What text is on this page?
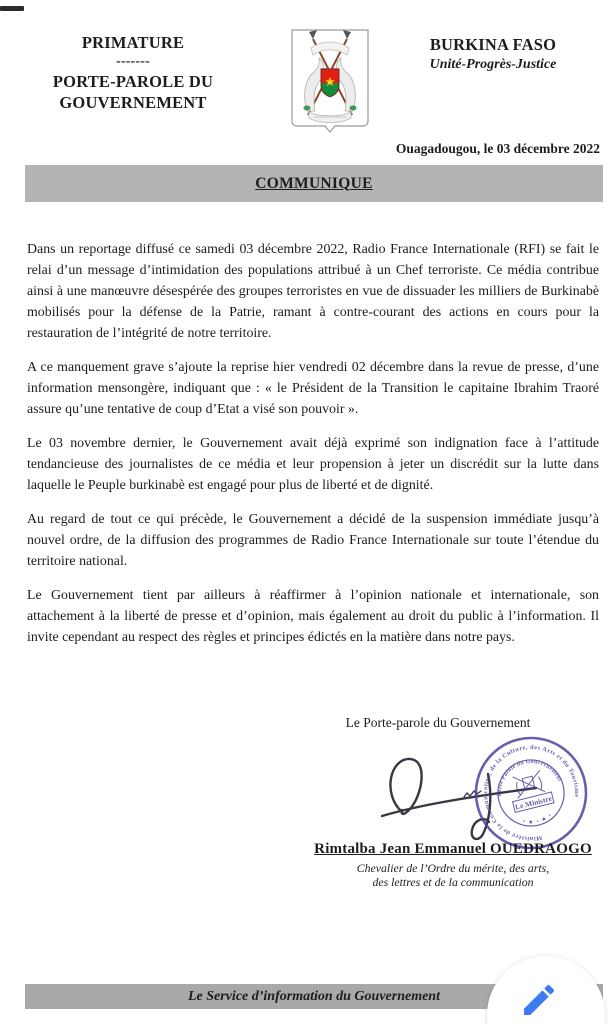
PRIMATURE
-------
PORTE-PAROLE DU
GOUVERNEMENT
BURKINA FASO
Unité-Progrès-Justice
Ouagadougou, le 03 décembre 2022
COMMUNIQUE

Dans un reportage diffusé ce samedi 03 décembre 2022, Radio France Internationale (RFI) se fait le relai d’un message d’intimidation des populations attribué à un Chef terroriste. Ce média contribue ainsi à une manœuvre désespérée des groupes terroristes en vue de dissuader les milliers de Burkinabè mobilisés pour la défense de la Patrie, ramant à contre-courant des actions en cours pour la restauration de l’intégrité de notre territoire.

A ce manquement grave s’ajoute la reprise hier vendredi 02 décembre dans la revue de presse, d’une information mensongère, indiquant que : « le Président de la Transition le capitaine Ibrahim Traoré assure qu’une tentative de coup d’Etat a visé son pouvoir ».

Le 03 novembre dernier, le Gouvernement avait déjà exprimé son indignation face à l’attitude tendancieuse des journalistes de ce média et leur propension à jeter un discrédit sur la lutte dans laquelle le Peuple burkinabè est engagé pour plus de liberté et de dignité.

Au regard de tout ce qui précède, le Gouvernement a décidé de la suspension immédiate jusqu’à nouvel ordre, de la diffusion des programmes de Radio France Internationale sur toute l’étendue du territoire national.

Le Gouvernement tient par ailleurs à réaffirmer à l’opinion nationale et internationale, son attachement à la liberté de presse et d’opinion, mais également au droit du public à l’information. Il invite cependant au respect des règles et principes édictés en la matière dans notre pays.

Le Porte-parole du Gouvernement
Ministère de la Communication, de la Culture, des Arts et du Tourisme
Porte Parole du Gouvernement
• ★ • ★ •
Le Ministre
Rimtalba Jean Emmanuel OUEDRAOGO
Chevalier de l’Ordre du mérite, des arts,
des lettres et de la communication
Le Service d’information du Gouvernement
